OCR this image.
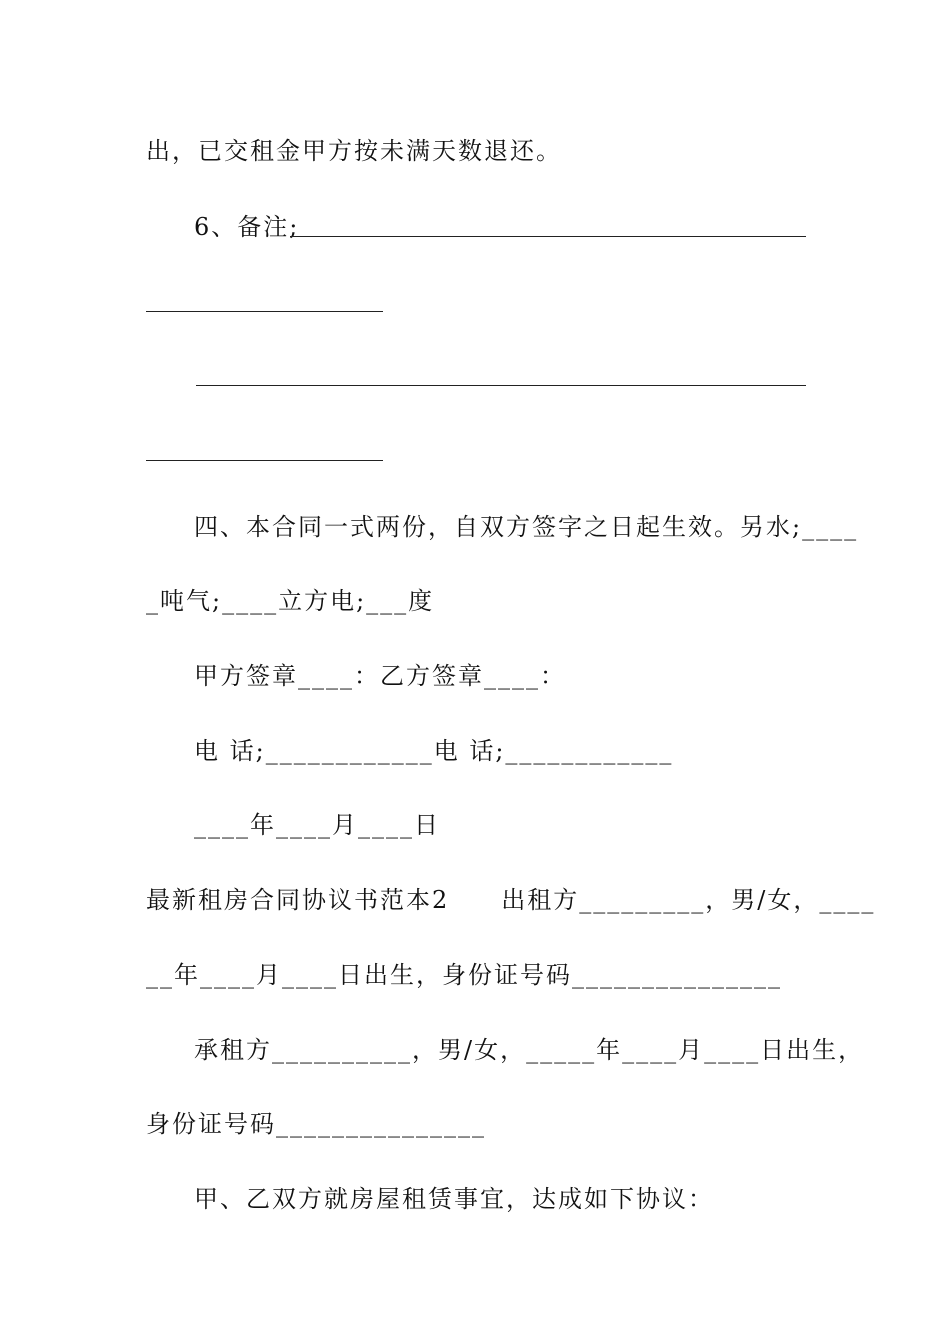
出，已交租金甲方按未满天数退还。
6、备注;
四、本合同一式两份，自双方签字之日起生效。另水;____
_吨气;____立方电;___度
甲方签章____：乙方签章____：
电 话;____________电 话;____________
____年____月____日
最新租房合同协议书范本2　　出租方_________，男/女，____
__年____月____日出生，身份证号码_______________
承租方__________，男/女，_____年____月____日出生，
身份证号码_______________
甲、乙双方就房屋租赁事宜，达成如下协议：
